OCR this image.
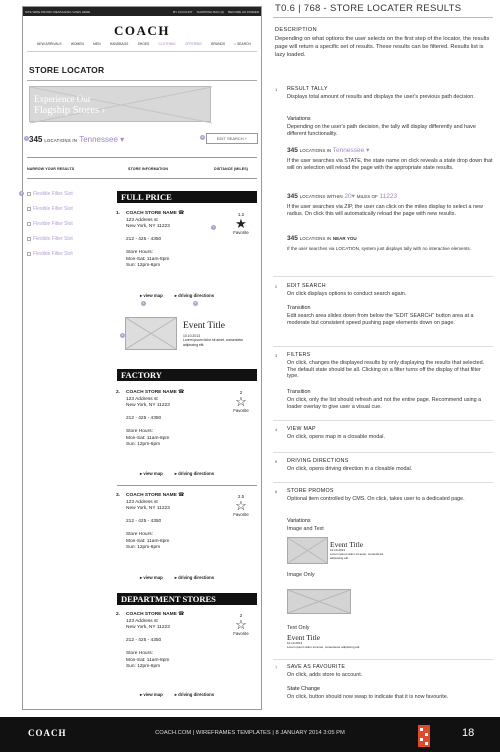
SITE WIDE PROMO MESSAGING GOES HERE	MY ACCOUNT SHOPPING BAG (0) BECOME AN INSIDER
COACH
NEW ARRIVALS	WOMEN	MEN	HANDBAGS	SHOES	CLOTHING	OFFERING	BRANDS	⌕ SEARCH
STORE LOCATOR
Experience Our
Flagship Stores ›
1 345 LOCATIONS IN Tennessee ▾	2	EDIT SEARCH +
NARROW YOUR RESULTS	STORE INFORMATION	DISTANCE (MILES)
3	Flexible Filter Slot
Flexible Filter Slot
Flexible Filter Slot
Flexible Filter Slot
Flexible Filter Slot
FULL PRICE
1. COACH STORE NAME ☎
123 Address st
New York, NY 11223

212 - 425 - 4350

Store Hours:
Mon-Sat: 11am-8pm
Sun: 12pm-6pm
7
1.2
★
Favorite
4	5
▸ view map	▸ driving directions
6
Event Title
10.10.2013
Lorem ipsum dolor sit amet, consectetur adipiscing elit.
FACTORY
2. COACH STORE NAME ☎
123 Address st
New York, NY 11223

212 - 425 - 4350

Store Hours:
Mon-Sat: 11am-8pm
Sun: 12pm-6pm
2
☆
Favorite
▸ view map	▸ driving directions
3. COACH STORE NAME ☎
123 Address st
New York, NY 11223

212 - 425 - 4350

Store Hours:
Mon-Sat: 11am-8pm
Sun: 12pm-6pm
2.5
☆
Favorite
▸ view map	▸ driving directions
DEPARTMENT STORES
2. COACH STORE NAME ☎
123 Address st
New York, NY 11223

212 - 425 - 4350

Store Hours:
Mon-Sat: 11am-8pm
Sun: 12pm-6pm
2
☆
Favorite
▸ view map	▸ driving directions
T0.6 | 768 - STORE LOCATER RESULTS
DESCRIPTION
Depending on what options the user selects on the first step of the locator, the results page will return a specific set of results. These results can be filtered. Results list is lazy loaded.
1 RESULT TALLY
Displays total amount of results and displays the user's previous path decision.
Variations
Depending on the user's path decision, the tally will display differently and have different functionality.
345 LOCATIONS IN Tennessee ▾
If the user searches via STATE, the state name on click reveals a state drop down that will on selection will reload the page with the appropriate state results.
345 LOCATIONS WITHIN 20▾ MILES OF 11223
If the user searches via ZIP, the user can click on the miles display to select a new radius. On click this will automatically reload the page with new results.
345 LOCATIONS IN NEAR YOU
If the user searches via LOCATION, system just displays tally with no interactive elements.
2 EDIT SEARCH
On click displays options to conduct search again.
Transition
Edit search area slides down from below the "EDIT SEARCH" button area at a moderate but consistent speed pushing page elements down on page.
3 FILTERS
On click, changes the displayed results by only displaying the results that selected. The default state should be all. Clicking on a filter turns off the display of that filter type.
Transition
On click, only the list should refresh and not the entire page. Recommend using a loader overlay to give user a visual cue.
4 VIEW MAP
On click, opens map in a closable modal.
5 DRIVING DIRECTIONS
On click, opens driving direction in a closable modal.
6 STORE PROMOS
Optional item controlled by CMS. On click, takes user to a dedicated page.
Variations
Image and Text
Image Only
Text Only
Event Title
10.10.2013
Lorem ipsum dolor sit amet, consectetur adipiscing elit.
Event Title
10.10.2013
Lorem ipsum dolor sit amet, consectetur adipiscing elit.
7 SAVE AS FAVOURITE
On click, adds store to account.
State Change
On click, button should now swap to indicate that it is now favourite.
COACH	COACH.COM | WIREFRAMES TEMPLATES | 8 JANUARY 2014 3:05 PM	18
